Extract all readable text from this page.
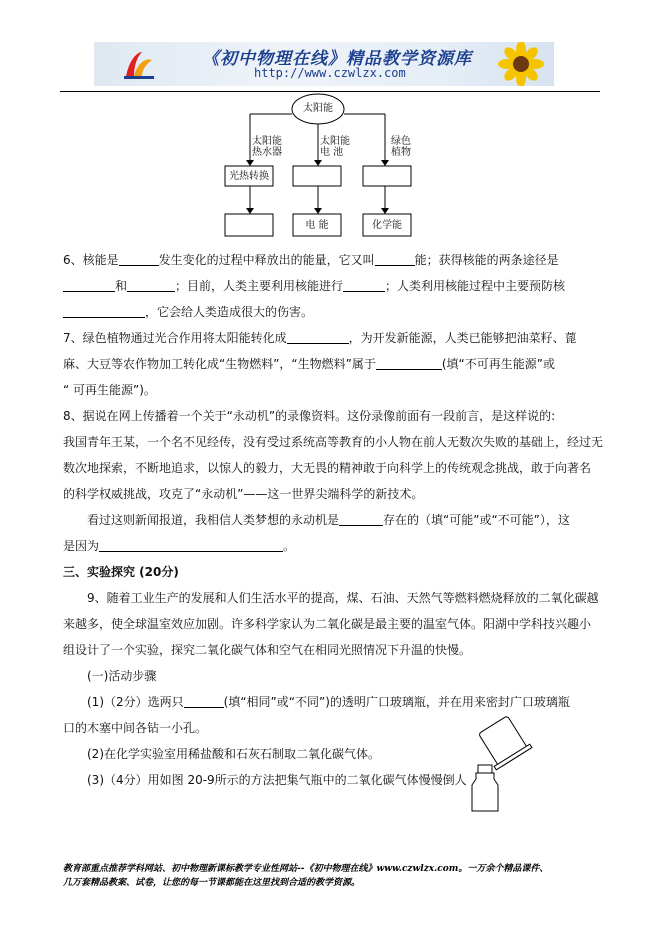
《初中物理在线》精品教学资源库
http://www.czwlzx.com
太阳能
太阳能
热水器
太阳能
电 池
绿色
植物
光热转换
电 能	化学能
6、核能是	发生变化的过程中释放出的能量，它又叫	能；获得核能的两条途径是
和	；目前，人类主要利用核能进行	；人类利用核能过程中主要预防核
，它会给人类造成很大的伤害。
7、绿色植物通过光合作用将太阳能转化成	，为开发新能源，人类已能够把油菜籽、蓖
麻、大豆等农作物加工转化成“生物燃料”，“生物燃料”属于	(填“不可再生能源”或
“ 可再生能源”)。
8、据说在网上传播着一个关于“永动机”的录像资料。这份录像前面有一段前言，是这样说的:
我国青年王某，一个名不见经传，没有受过系统高等教育的小人物在前人无数次失败的基础上，经过无
数次地探索，不断地追求，以惊人的毅力，大无畏的精神敢于向科学上的传统观念挑战，敢于向著名
的科学权威挑战，攻克了“永动机”——这一世界尖端科学的新技术。
看过这则新闻报道，我相信人类梦想的永动机是	存在的（填“可能”或“不可能”），这
是因为	。
三、实验探究 (20分)
9、随着工业生产的发展和人们生活水平的提高，煤、石油、天然气等燃料燃烧释放的二氧化碳越
来越多，使全球温室效应加剧。许多科学家认为二氧化碳是最主要的温室气体。阳湖中学科技兴趣小
组设计了一个实验，探究二氧化碳气体和空气在相同光照情况下升温的快慢。
(一)活动步骤
(1)（2分）选两只	(填“相同”或“不同”)的透明广口玻璃瓶，并在用来密封广口玻璃瓶
口的木塞中间各钻一小孔。
(2)在化学实验室用稀盐酸和石灰石制取二氧化碳气体。
(3)（4分）用如图 20-9所示的方法把集气瓶中的二氧化碳气体慢慢倒人
教育部重点推荐学科网站、初中物理新课标教学专业性网站--《初中物理在线》www.czwlzx.com。一万余个精品课件、
几万套精品教案、试卷，让您的每一节课都能在这里找到合适的教学资源。
